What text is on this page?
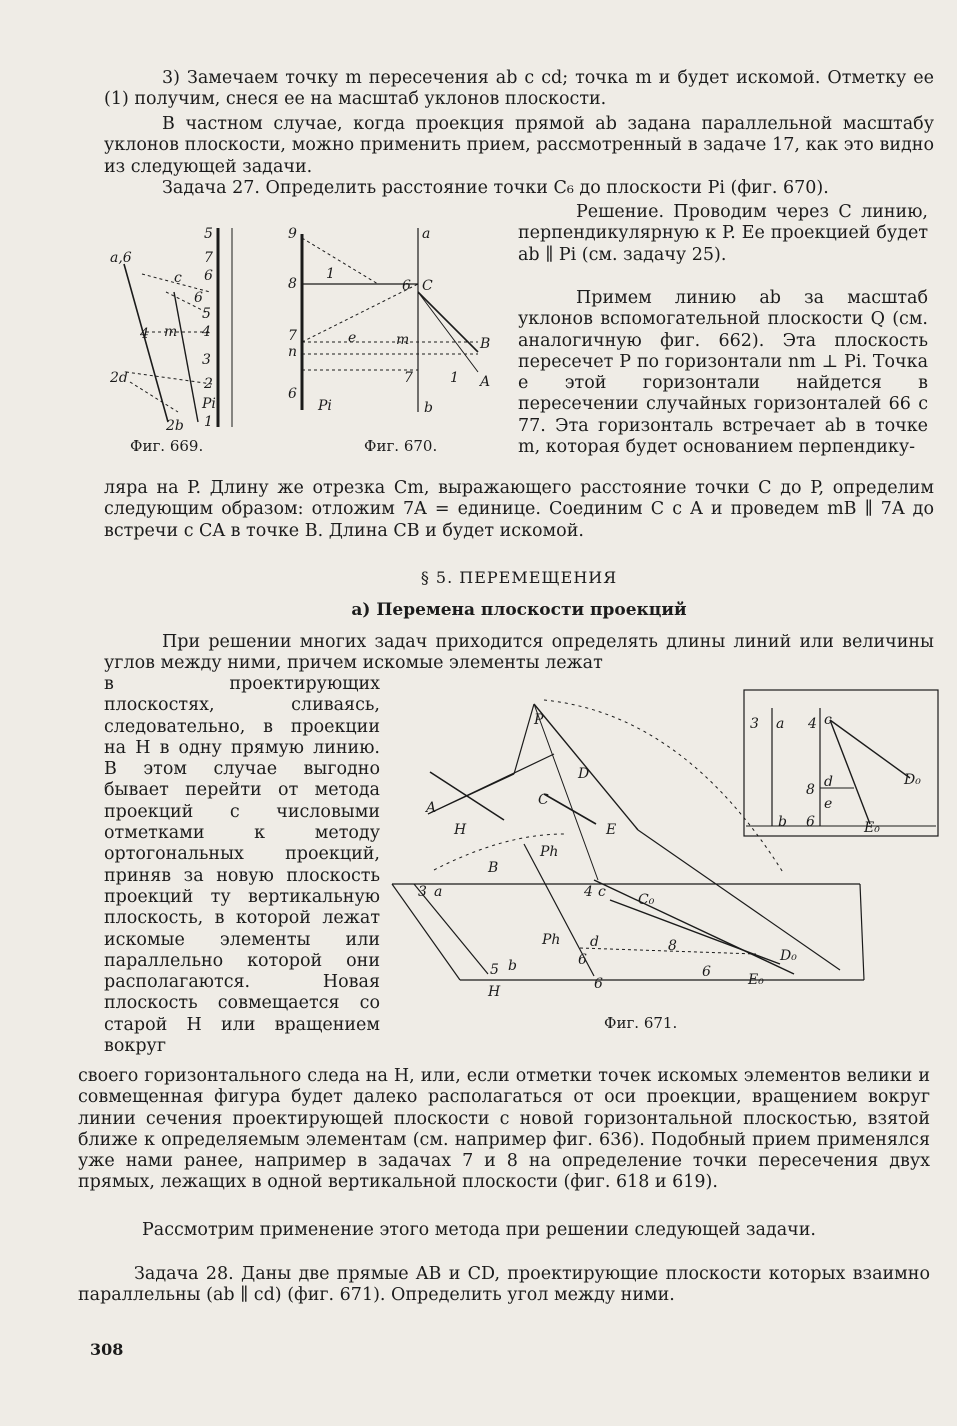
3) Замечаем точку m пересечения ab с cd; точка m и будет искомой. Отметку ее (1) получим, снеся ее на масштаб уклонов плоскости.

В частном случае, когда проекция прямой ab задана параллельной масштабу уклонов плоскости, можно применить прием, рассмотренный в задаче 17, как это видно из следующей задачи.

Задача 27. Определить расстояние точки C₆ до плоскости Pi (фиг. 670).

a,6
5
7
6
c
6
5
4 m 4
3
2d	2
Pi
2b 1
Фиг. 669.
9	a
8
1
6 C
e	m	B
7
n
7	1 A
6
Pi	b
Фиг. 670.

Решение. Проводим через C линию, перпендикулярную к P. Ее проекцией будет ab ∥ Pi (см. задачу 25).

Примем линию ab за масштаб уклонов вспомогательной плоскости Q (см. аналогичную фиг. 662). Эта плоскость пересечет P по горизонтали nm ⊥ Pi. Точка e этой горизонтали найдется в пересечении случайных горизонталей 66 с 77. Эта горизонталь встречает ab в точке m, которая будет основанием перпендику-

ляра на P. Длину же отрезка Cm, выражающего расстояние точки C до P, определим следующим образом: отложим 7A = единице. Соединим C с A и проведем mB ∥ 7A до встречи с CA в точке B. Длина CB и будет искомой.

§ 5. ПЕРЕМЕЩЕНИЯ
а) Перемена плоскости проекций

При решении многих задач приходится определять длины линий или величины углов между ними, причем искомые элементы лежат

в проектирующих плоскостях, сливаясь, следовательно, в проекции на H в одну прямую линию. В этом случае выгодно бывает перейти от метода проекций с числовыми отметками к методу ортогональных проекций, приняв за новую плоскость проекций ту вертикальную плоскость, в которой лежат искомые элементы или параллельно которой они располагаются. Новая плоскость совмещается со старой H или вращением вокруг

P
D
A
H
C
E
Ph
B
3 a	4 c C₀
Ph d	8
D₀
b	6
6	E₀
H
5
6
3 a 4 c
D₀
8 d
6
b
e
E₀
Фиг. 671.

своего горизонтального следа на H, или, если отметки точек искомых элементов велики и совмещенная фигура будет далеко располагаться от оси проекции, вращением вокруг линии сечения проектирующей плоскости с новой горизонтальной плоскостью, взятой ближе к определяемым элементам (см. например фиг. 636). Подобный прием применялся уже нами ранее, например в задачах 7 и 8 на определение точки пересечения двух прямых, лежащих в одной вертикальной плоскости (фиг. 618 и 619).

Рассмотрим применение этого метода при решении следующей задачи.

Задача 28. Даны две прямые AB и CD, проектирующие плоскости которых взаимно параллельны (ab ∥ cd) (фиг. 671). Определить угол между ними.

308
